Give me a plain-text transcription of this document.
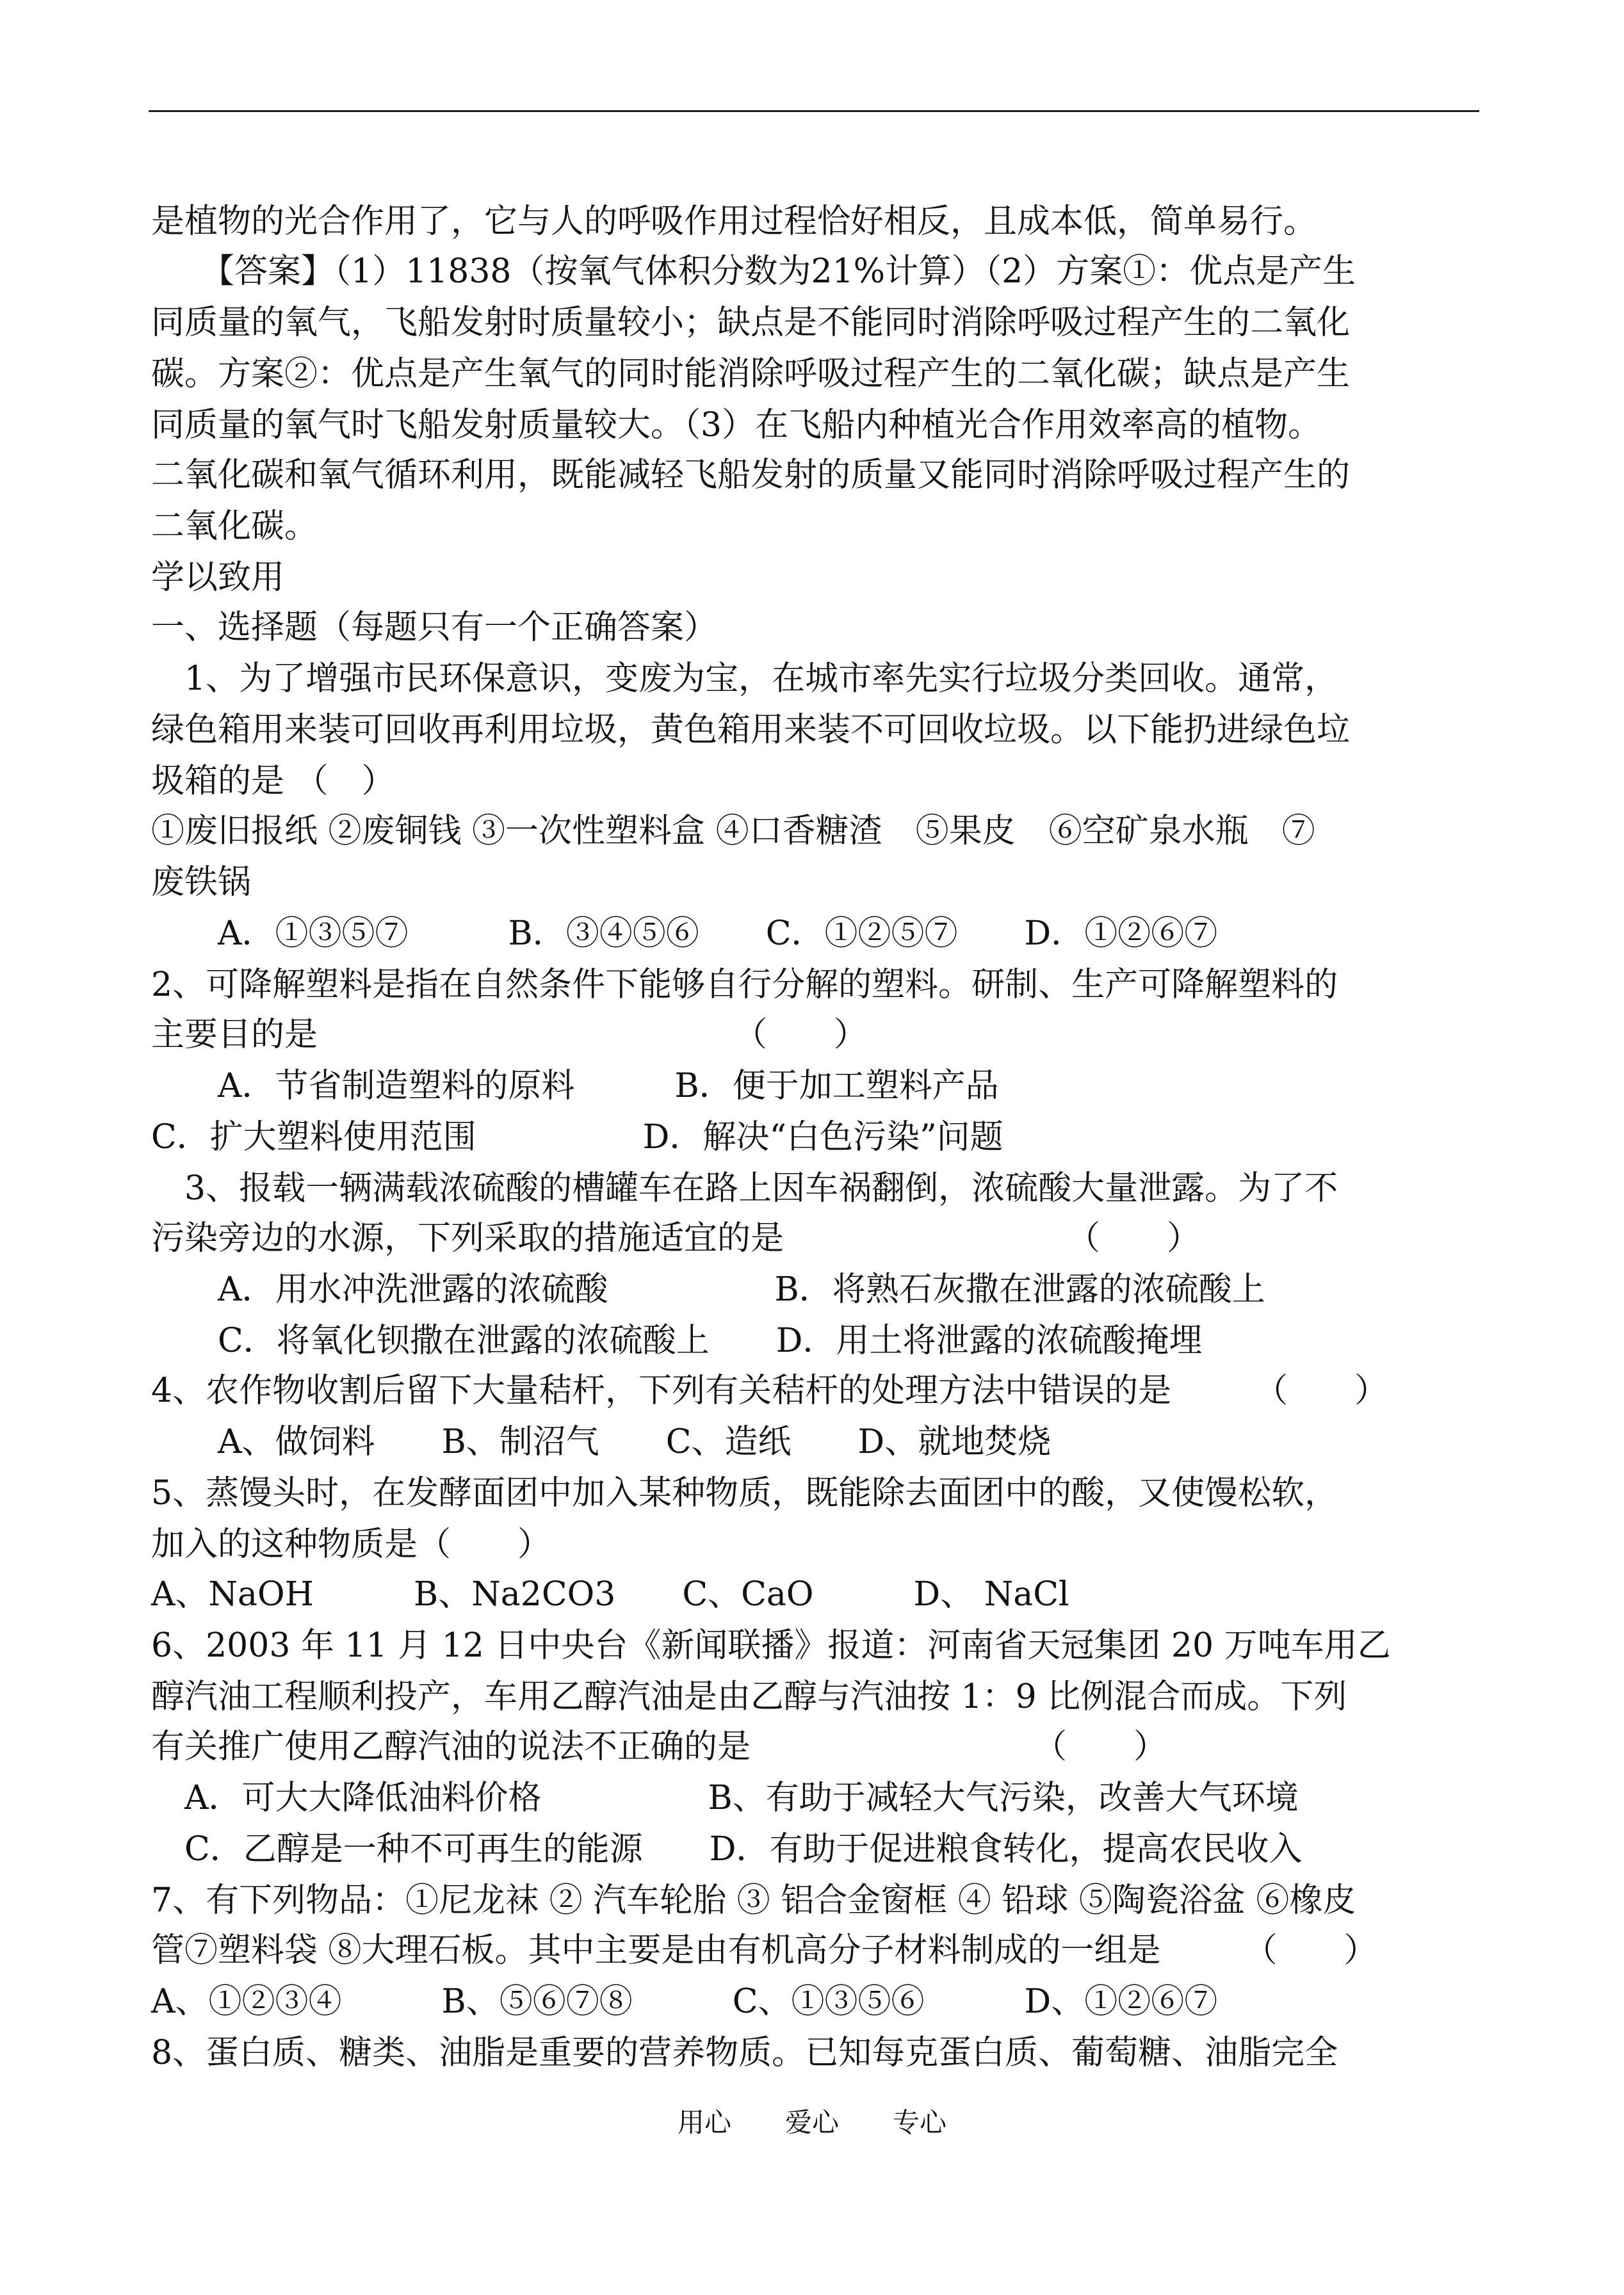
是植物的光合作用了，它与人的呼吸作用过程恰好相反，且成本低，简单易行。
　　【答案】（1）11838（按氧气体积分数为21%计算）（2）方案①：优点是产生
同质量的氧气，飞船发射时质量较小；缺点是不能同时消除呼吸过程产生的二氧化
碳。方案②：优点是产生氧气的同时能消除呼吸过程产生的二氧化碳；缺点是产生
同质量的氧气时飞船发射质量较大。（3）在飞船内种植光合作用效率高的植物。
二氧化碳和氧气循环利用，既能减轻飞船发射的质量又能同时消除呼吸过程产生的
二氧化碳。
学以致用
一、选择题（每题只有一个正确答案）
　1、为了增强市民环保意识，变废为宝，在城市率先实行垃圾分类回收。通常，
绿色箱用来装可回收再利用垃圾，黄色箱用来装不可回收垃圾。以下能扔进绿色垃
圾箱的是 （　）
①废旧报纸 ②废铜钱 ③一次性塑料盒 ④口香糖渣　⑤果皮　⑥空矿泉水瓶　⑦
废铁锅
　　A．①③⑤⑦　　　B．③④⑤⑥　　C．①②⑤⑦　　D．①②⑥⑦
2、可降解塑料是指在自然条件下能够自行分解的塑料。研制、生产可降解塑料的
主要目的是　　　　　　　　　　　　　（　　）
　　A．节省制造塑料的原料　　　B．便于加工塑料产品
C．扩大塑料使用范围　　　　　D．解决“白色污染”问题
　3、报载一辆满载浓硫酸的槽罐车在路上因车祸翻倒，浓硫酸大量泄露。为了不
污染旁边的水源，下列采取的措施适宜的是　　　　　　　　　（　　）
　　A．用水冲洗泄露的浓硫酸　　　　　B．将熟石灰撒在泄露的浓硫酸上
　　C．将氧化钡撒在泄露的浓硫酸上　　D．用土将泄露的浓硫酸掩埋
4、农作物收割后留下大量秸杆，下列有关秸杆的处理方法中错误的是　　　（　　）
　　A、做饲料　　B、制沼气　　C、造纸　　D、就地焚烧
5、蒸馒头时，在发酵面团中加入某种物质，既能除去面团中的酸，又使馒松软，
加入的这种物质是（　　）
A、NaOH　　　B、Na2CO3　　C、CaO　　　D、 NaCl
6、2003 年 11 月 12 日中央台《新闻联播》报道：河南省天冠集团 20 万吨车用乙
醇汽油工程顺利投产，车用乙醇汽油是由乙醇与汽油按 1：9 比例混合而成。下列
有关推广使用乙醇汽油的说法不正确的是　　　　　　　　　（　　）
　A．可大大降低油料价格　　　　　B、有助于减轻大气污染，改善大气环境
　C．乙醇是一种不可再生的能源　　D．有助于促进粮食转化，提高农民收入
7、有下列物品：①尼龙袜 ② 汽车轮胎 ③ 铝合金窗框 ④ 铅球 ⑤陶瓷浴盆 ⑥橡皮
管⑦塑料袋 ⑧大理石板。其中主要是由有机高分子材料制成的一组是　　　（　　）
A、①②③④　　　B、⑤⑥⑦⑧　　　C、①③⑤⑥　　　D、①②⑥⑦
8、蛋白质、糖类、油脂是重要的营养物质。已知每克蛋白质、葡萄糖、油脂完全
用心　　爱心　　专心
